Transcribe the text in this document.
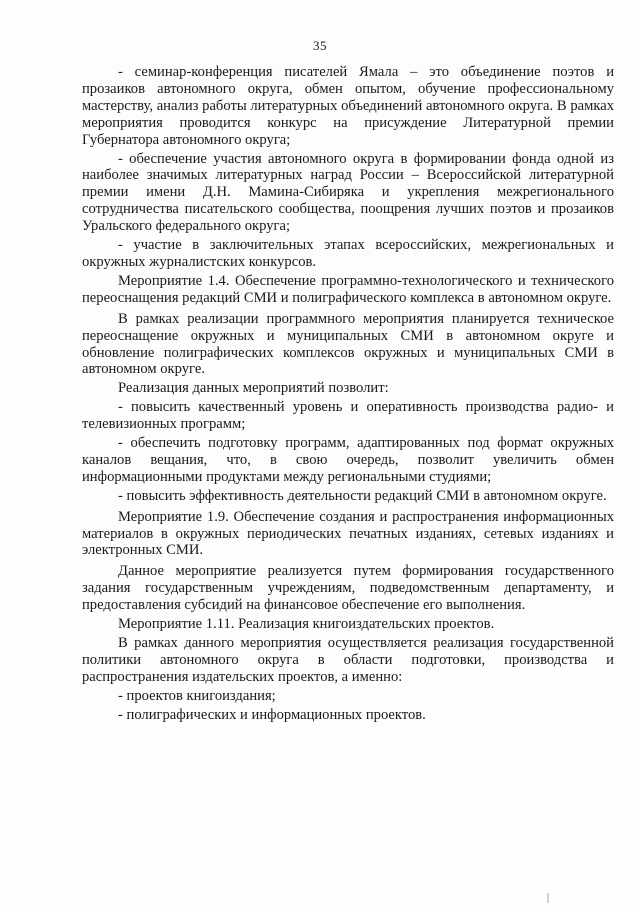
35

- семинар-конференция писателей Ямала – это объединение поэтов и прозаиков автономного округа, обмен опытом, обучение профессиональному мастерству, анализ работы литературных объединений автономного округа. В рамках мероприятия проводится конкурс на присуждение Литературной премии Губернатора автономного округа;

- обеспечение участия автономного округа в формировании фонда одной из наиболее значимых литературных наград России – Всероссийской литературной премии имени Д.Н. Мамина-Сибиряка и укрепления межрегионального сотрудничества писательского сообщества, поощрения лучших поэтов и прозаиков Уральского федерального округа;

- участие в заключительных этапах всероссийских, межрегиональных и окружных журналистских конкурсов.

Мероприятие 1.4. Обеспечение программно-технологического и технического переоснащения редакций СМИ и полиграфического комплекса в автономном округе.

В рамках реализации программного мероприятия планируется техническое переоснащение окружных и муниципальных СМИ в автономном округе и обновление полиграфических комплексов окружных и муниципальных СМИ в автономном округе.

Реализация данных мероприятий позволит:

- повысить качественный уровень и оперативность производства радио- и телевизионных программ;

- обеспечить подготовку программ, адаптированных под формат окружных каналов вещания, что, в свою очередь, позволит увеличить обмен информационными продуктами между региональными студиями;

- повысить эффективность деятельности редакций СМИ в автономном округе.

Мероприятие 1.9. Обеспечение создания и распространения информационных материалов в окружных периодических печатных изданиях, сетевых изданиях и электронных СМИ.

Данное мероприятие реализуется путем формирования государственного задания государственным учреждениям, подведомственным департаменту, и предоставления субсидий на финансовое обеспечение его выполнения.

Мероприятие 1.11. Реализация книгоиздательских проектов.

В рамках данного мероприятия осуществляется реализация государственной политики автономного округа в области подготовки, производства и распространения издательских проектов, а именно:

- проектов книгоиздания;

- полиграфических и информационных проектов.
